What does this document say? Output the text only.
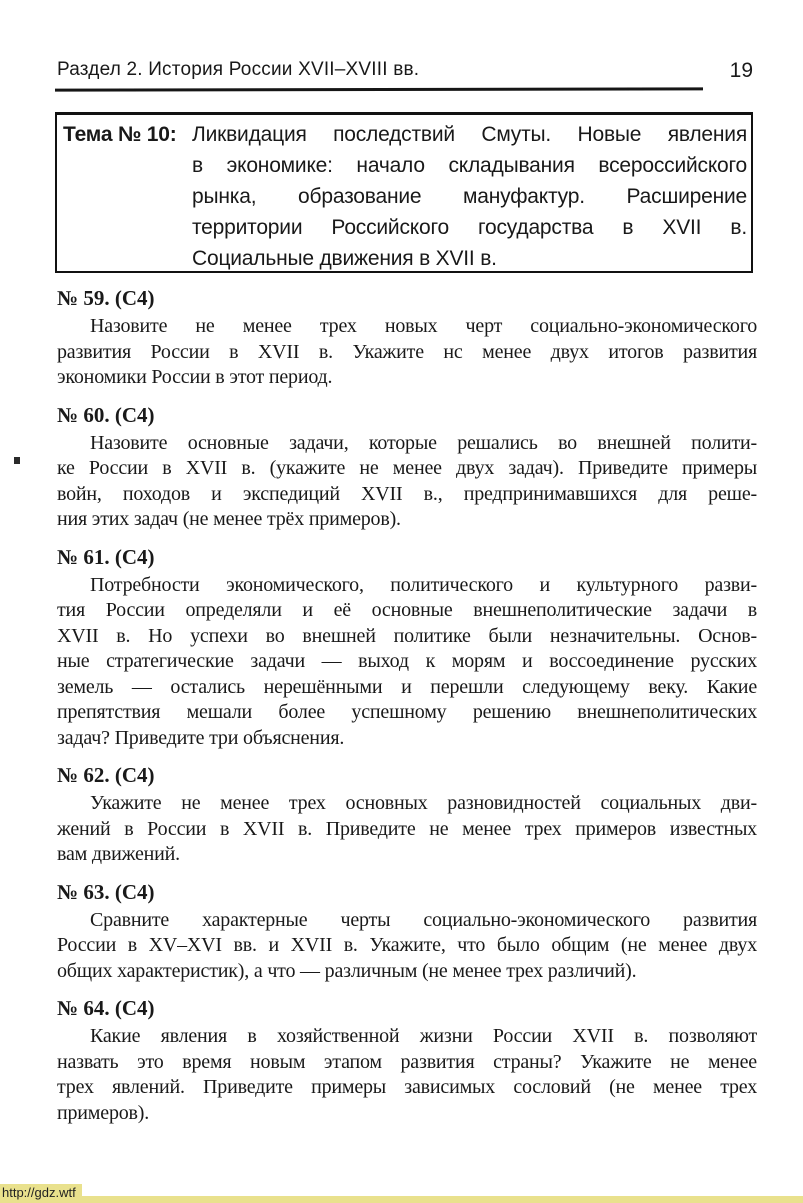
Раздел 2. История России XVII–XVIII вв.	19
Тема № 10: Ликвидация последствий Смуты. Новые явления
в экономике: начало складывания всероссийского
рынка, образование мануфактур. Расширение
территории Российского государства в XVII в.
Социальные движения в XVII в.
№ 59. (С4)
Назовите не менее трех новых черт социально-экономического
развития России в XVII в. Укажите нс менее двух итогов развития
экономики России в этот период.
№ 60. (С4)
Назовите основные задачи, которые решались во внешней полити-
ке России в XVII в. (укажите не менее двух задач). Приведите примеры
войн, походов и экспедиций XVII в., предпринимавшихся для реше-
ния этих задач (не менее трёх примеров).
№ 61. (С4)
Потребности экономического, политического и культурного разви-
тия России определяли и её основные внешнеполитические задачи в
XVII в. Но успехи во внешней политике были незначительны. Основ-
ные стратегические задачи — выход к морям и воссоединение русских
земель — остались нерешёнными и перешли следующему веку. Какие
препятствия мешали более успешному решению внешнеполитических
задач? Приведите три объяснения.
№ 62. (С4)
Укажите не менее трех основных разновидностей социальных дви-
жений в России в XVII в. Приведите не менее трех примеров известных
вам движений.
№ 63. (С4)
Сравните характерные черты социально-экономического развития
России в XV–XVI вв. и XVII в. Укажите, что было общим (не менее двух
общих характеристик), а что — различным (не менее трех различий).
№ 64. (С4)
Какие явления в хозяйственной жизни России XVII в. позволяют
назвать это время новым этапом развития страны? Укажите не менее
трех явлений. Приведите примеры зависимых сословий (не менее трех
примеров).
http://gdz.wtf
